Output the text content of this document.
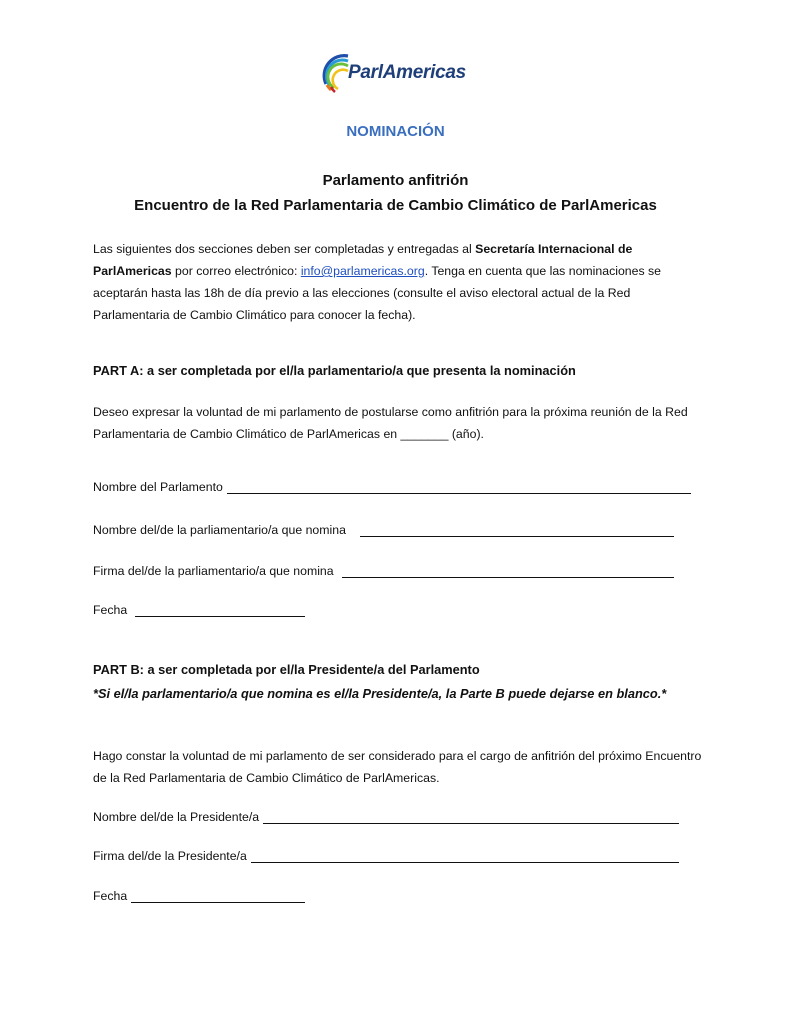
ParlAmericas
NOMINACIÓN
Parlamento anfitrión
Encuentro de la Red Parlamentaria de Cambio Climático de ParlAmericas
Las siguientes dos secciones deben ser completadas y entregadas al Secretaría Internacional de ParlAmericas por correo electrónico: info@parlamericas.org. Tenga en cuenta que las nominaciones se aceptarán hasta las 18h de día previo a las elecciones (consulte el aviso electoral actual de la Red Parlamentaria de Cambio Climático para conocer la fecha).
PART A: a ser completada por el/la parlamentario/a que presenta la nominación
Deseo expresar la voluntad de mi parlamento de postularse como anfitrión para la próxima reunión de la Red Parlamentaria de Cambio Climático de ParlAmericas en _______ (año).
Nombre del Parlamento
Nombre del/de la parliamentario/a que nomina
Firma del/de la parliamentario/a que nomina
Fecha
PART B: a ser completada por el/la Presidente/a del Parlamento
*Si el/la parlamentario/a que nomina es el/la Presidente/a, la Parte B puede dejarse en blanco.*
Hago constar la voluntad de mi parlamento de ser considerado para el cargo de anfitrión del próximo Encuentro de la Red Parlamentaria de Cambio Climático de ParlAmericas.
Nombre del/de la Presidente/a
Firma del/de la Presidente/a
Fecha
